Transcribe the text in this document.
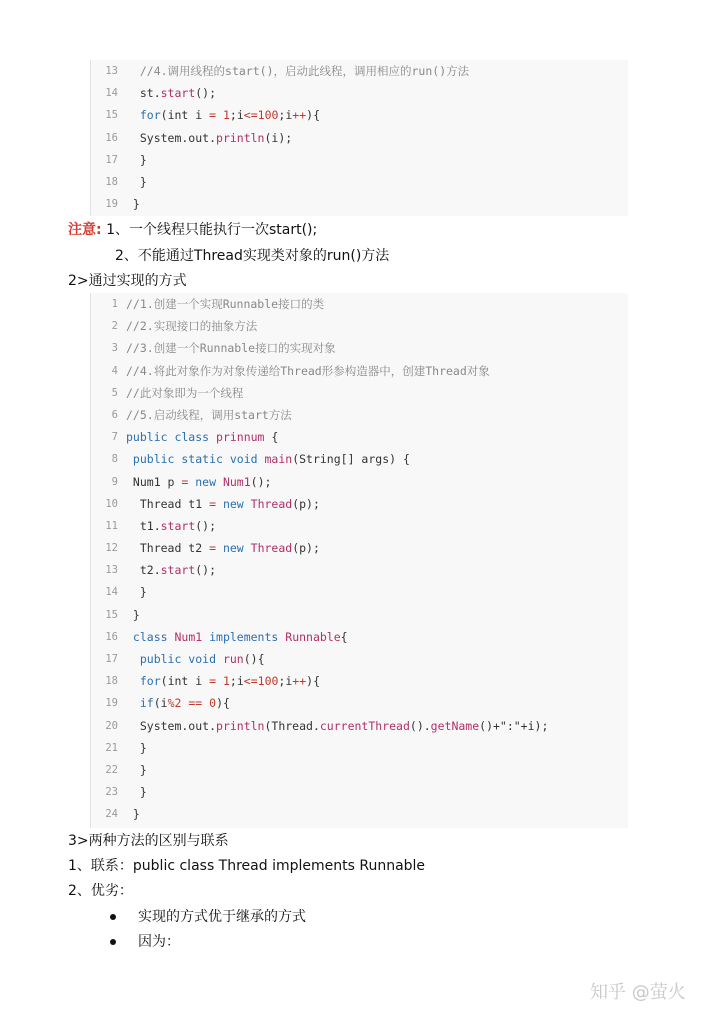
13 //4.调用线程的start()，启动此线程，调用相应的run()方法
14 st.start();
15	for(int i = 1;i<=100;i++){
16 System.out.println(i);
17 }
18 }
19 }
注意: 1、一个线程只能执行一次start();
2、不能通过Thread实现类对象的run()方法
2>通过实现的方式
1 //1.创建一个实现Runnable接口的类
2 //2.实现接口的抽象方法
3 //3.创建一个Runnable接口的实现对象
4 //4.将此对象作为对象传递给Thread形参构造器中，创建Thread对象
5 //此对象即为一个线程
6 //5.启动线程，调用start方法
7 public class prinnum {
8 public static void main(String[] args) {
9 Num1 p = new Num1();
10 Thread t1 = new Thread(p);
11 t1.start();
12 Thread t2 = new Thread(p);
13 t2.start();
14 }
15 }
16 class Num1 implements Runnable{
17 public void run(){
18	for(int i = 1;i<=100;i++){
19	if(i%2 == 0){
20 System.out.println(Thread.currentThread().getName()+":"+i);
21 }
22 }
23 }
24 }
3>两种方法的区别与联系
1、联系：public class Thread implements Runnable
2、优劣：
实现的方式优于继承的方式
因为：
知乎 @萤火
